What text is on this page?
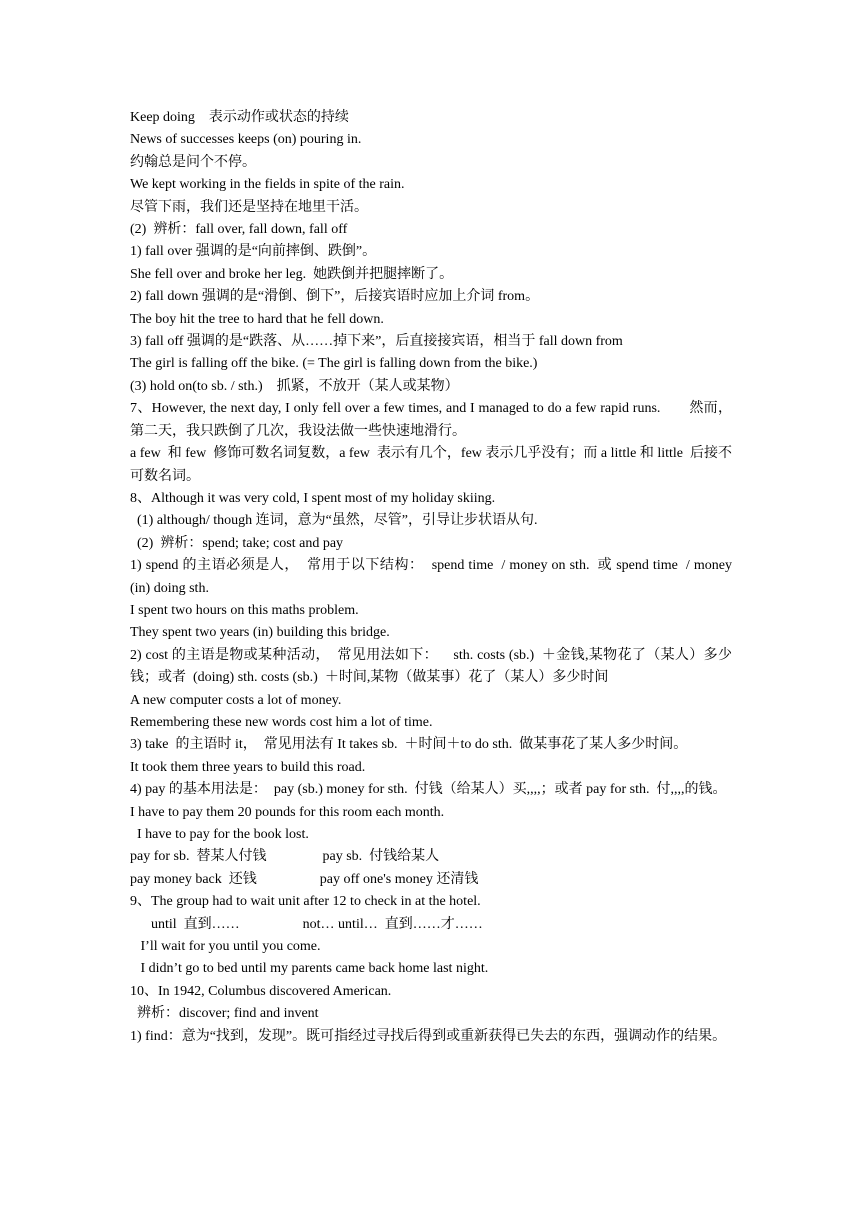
Keep doing　表示动作或状态的持续

News of successes keeps (on) pouring in.

约翰总是问个不停。

We kept working in the fields in spite of the rain.

尽管下雨，我们还是坚持在地里干活。

(2)  辨析：fall over, fall down, fall off

1) fall over 强调的是“向前摔倒、跌倒”。

She fell over and broke her leg.  她跌倒并把腿摔断了。

2) fall down 强调的是“滑倒、倒下”，后接宾语时应加上介词 from。

The boy hit the tree to hard that he fell down.

3) fall off 强调的是“跌落、从……掉下来”，后直接接宾语，相当于 fall down from

The girl is falling off the bike. (= The girl is falling down from the bike.)

(3) hold on(to sb. / sth.)　抓紧，不放开（某人或某物）

7、However, the next day, I only fell over a few times, and I managed to do a few rapid runs.　　然而，第二天，我只跌倒了几次，我设法做一些快速地滑行。

a few  和 few  修饰可数名词复数，a few  表示有几个，few 表示几乎没有；而 a little 和 little  后接不可数名词。

8、Although it was very cold, I spent most of my holiday skiing.

(1) although/ though 连词，意为“虽然，尽管”，引导让步状语从句.

(2)  辨析：spend; take; cost and pay

1) spend 的主语必须是人，  常用于以下结构：  spend time  / money on sth.  或 spend time  / money (in) doing sth.

I spent two hours on this maths problem.

They spent two years (in) building this bridge.

2) cost 的主语是物或某种活动，  常见用法如下：    sth. costs (sb.)  ＋金钱,某物花了（某人）多少钱；或者  (doing) sth. costs (sb.)  ＋时间,某物（做某事）花了（某人）多少时间

A new computer costs a lot of money.

Remembering these new words cost him a lot of time.

3) take  的主语时 it，  常见用法有 It takes sb.  ＋时间＋to do sth.  做某事花了某人多少时间。

It took them three years to build this road.

4) pay 的基本用法是：  pay (sb.) money for sth.  付钱（给某人）买,,,,；或者 pay for sth.  付,,,,的钱。

I have to pay them 20 pounds for this room each month.

I have to pay for the book lost.

pay for sb.  替某人付钱                pay sb.  付钱给某人

pay money back  还钱                  pay off one's money 还清钱

9、The group had to wait unit after 12 to check in at the hotel.

until  直到……                  not… until…  直到……才……

I’ll wait for you until you come.

I didn’t go to bed until my parents came back home last night.

10、In 1942, Columbus discovered American.

辨析：discover; find and invent

1) find：意为“找到，发现”。既可指经过寻找后得到或重新获得已失去的东西，强调动作的结果。
